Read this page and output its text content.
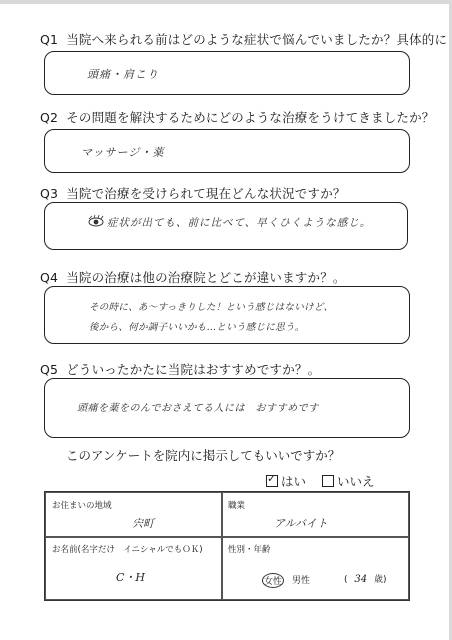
Q1 当院へ来られる前はどのような症状で悩んでいましたか？具体的に
頭痛・肩こり
Q2 その問題を解決するためにどのような治療をうけてきましたか？
マッサージ・薬
Q3 当院で治療を受けられて現在どんな状況ですか？
症状が出ても、前に比べて、早くひくような感じ。
Q4 当院の治療は他の治療院とどこが違いますか？。
その時に、あ～すっきりした！という感じはないけど、
後から、何か調子いいかも…という感じに思う。
Q5 どういったかたに当院はおすすめですか？。
頭痛を薬をのんでおさえてる人には　おすすめです
このアンケートを院内に掲示してもいいですか？
✓はい	いいえ
お住まいの地域
宍町
職業
アルバイト
お名前(名字だけ　イニシャルでもＯＫ)
C・H
性別・年齢
女性 男性	( 34 歳)
